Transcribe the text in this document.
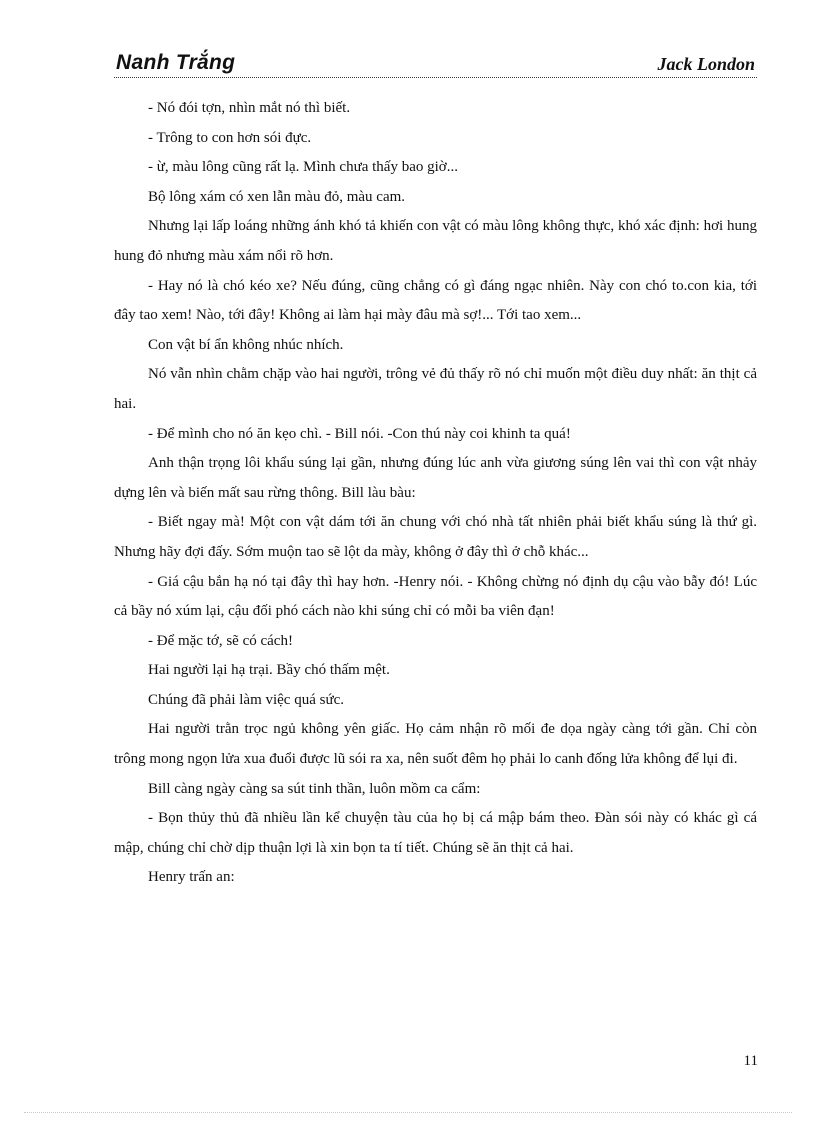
Nanh Trắng	Jack London

- Nó đói tợn, nhìn mắt nó thì biết.

- Trông to con hơn sói đực.

- ừ, màu lông cũng rất lạ. Mình chưa thấy bao giờ...

Bộ lông xám có xen lẫn màu đỏ, màu cam.

Nhưng lại lấp loáng những ánh khó tả khiến con vật có màu lông không thực, khó xác định: hơi hung hung đỏ nhưng màu xám nổi rõ hơn.

- Hay nó là chó kéo xe? Nếu đúng, cũng chẳng có gì đáng ngạc nhiên. Này con chó to.con kia, tới đây tao xem! Nào, tới đây! Không ai làm hại mày đâu mà sợ!... Tới tao xem...

Con vật bí ẩn không nhúc nhích.

Nó vẫn nhìn chằm chặp vào hai người, trông vẻ đủ thấy rõ nó chỉ muốn một điều duy nhất: ăn thịt cả hai.

- Để mình cho nó ăn kẹo chì. - Bill nói. -Con thú này coi khinh ta quá!

Anh thận trọng lôi khẩu súng lại gần, nhưng đúng lúc anh vừa giương súng lên vai thì con vật nhảy dựng lên và biến mất sau rừng thông. Bill làu bàu:

- Biết ngay mà! Một con vật dám tới ăn chung với chó nhà tất nhiên phải biết khẩu súng là thứ gì. Nhưng hãy đợi đấy. Sớm muộn tao sẽ lột da mày, không ở đây thì ở chỗ khác...

- Giá cậu bắn hạ nó tại đây thì hay hơn. -Henry nói. - Không chừng nó định dụ cậu vào bẫy đó! Lúc cả bầy nó xúm lại, cậu đối phó cách nào khi súng chỉ có mỗi ba viên đạn!

- Để mặc tớ, sẽ có cách!

Hai người lại hạ trại. Bầy chó thấm mệt.

Chúng đã phải làm việc quá sức.

Hai người trằn trọc ngủ không yên giấc. Họ cảm nhận rõ mối đe dọa ngày càng tới gần. Chỉ còn trông mong ngọn lửa xua đuổi được lũ sói ra xa, nên suốt đêm họ phải lo canh đống lửa không để lụi đi.

Bill càng ngày càng sa sút tinh thần, luôn mồm ca cẩm:

- Bọn thủy thủ đã nhiều lần kể chuyện tàu của họ bị cá mập bám theo. Đàn sói này có khác gì cá mập, chúng chỉ chờ dịp thuận lợi là xin bọn ta tí tiết. Chúng sẽ ăn thịt cả hai.

Henry trấn an:

11
